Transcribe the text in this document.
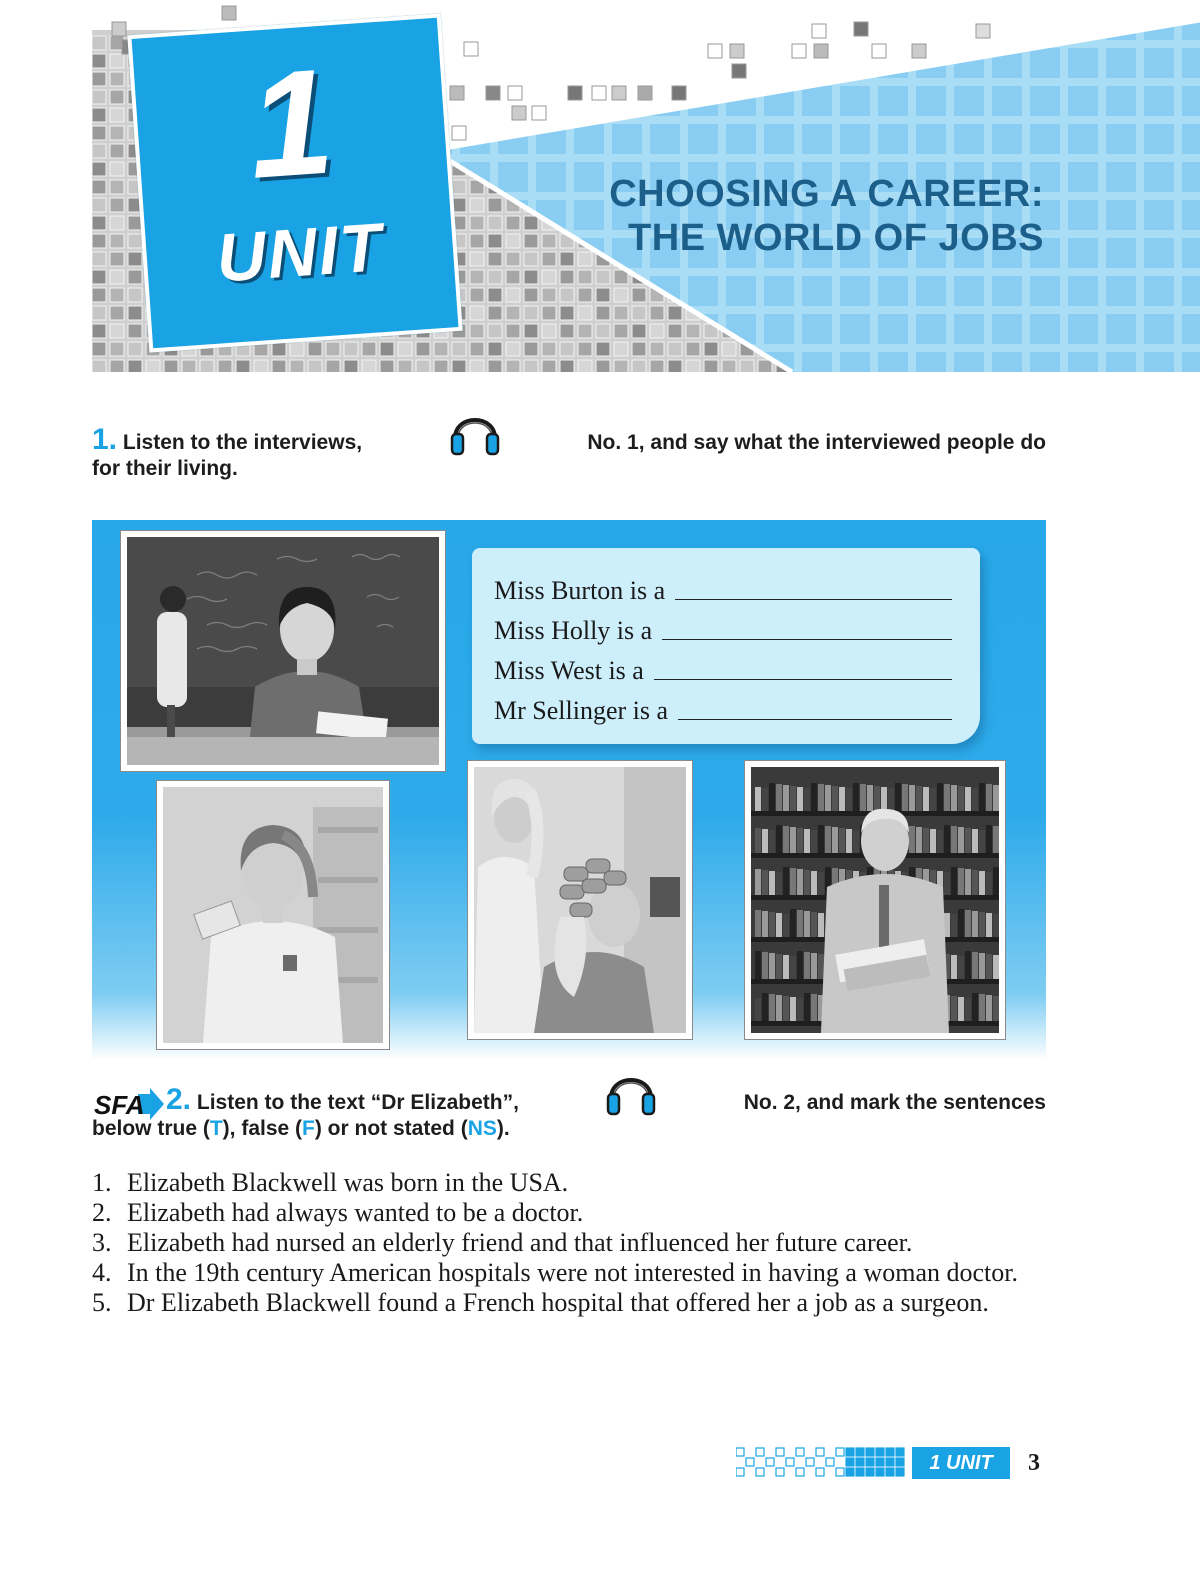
1
UNIT
CHOOSING A CAREER:
THE WORLD OF JOBS
1. Listen to the interviews,	No. 1, and say what the interviewed people do
for their living.
Miss Burton is a
Miss Holly is a
Miss West is a
Mr Sellinger is a
SFA 2. Listen to the text “Dr Elizabeth”,	No. 2, and mark the sentences
below true (T), false (F) or not stated (NS).
1. Elizabeth Blackwell was born in the USA.
2. Elizabeth had always wanted to be a doctor.
3. Elizabeth had nursed an elderly friend and that influenced her future career.
4. In the 19th century American hospitals were not interested in having a woman doctor.
5. Dr Elizabeth Blackwell found a French hospital that offered her a job as a surgeon.
1 UNIT	3
